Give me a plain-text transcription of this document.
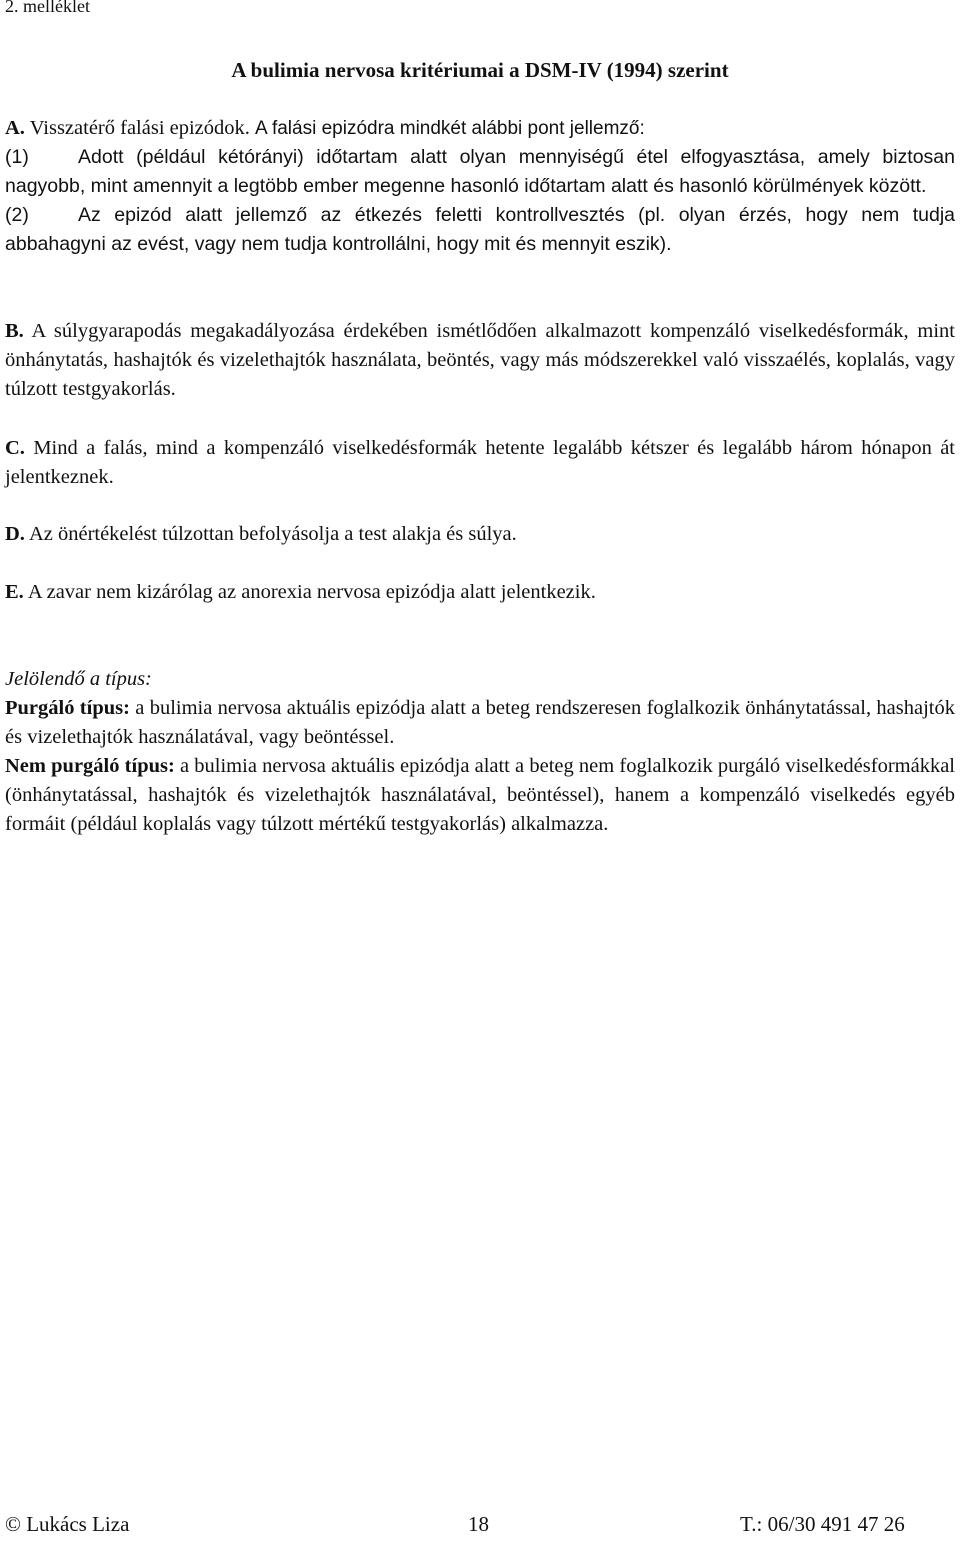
2. melléklet
A bulimia nervosa kritériumai a DSM-IV (1994) szerint
A. Visszatérő falási epizódok. A falási epizódra mindkét alábbi pont jellemző:
(1)	Adott (például kétórányi) időtartam alatt olyan mennyiségű étel elfogyasztása, amely biztosan nagyobb, mint amennyit a legtöbb ember megenne hasonló időtartam alatt és hasonló körülmények között.
(2)	Az epizód alatt jellemző az étkezés feletti kontrollvesztés (pl. olyan érzés, hogy nem tudja abbahagyni az evést, vagy nem tudja kontrollálni, hogy mit és mennyit eszik).
B. A súlygyarapodás megakadályozása érdekében ismétlődően alkalmazott kompenzáló viselkedésformák, mint önhánytatás, hashajtók és vizelethajtók használata, beöntés, vagy más módszerekkel való visszaélés, koplalás, vagy túlzott testgyakorlás.
C. Mind a falás, mind a kompenzáló viselkedésformák hetente legalább kétszer és legalább három hónapon át jelentkeznek.
D. Az önértékelést túlzottan befolyásolja a test alakja és súlya.
E. A zavar nem kizárólag az anorexia nervosa epizódja alatt jelentkezik.
Jelölendő a típus:
Purgáló típus: a bulimia nervosa aktuális epizódja alatt a beteg rendszeresen foglalkozik önhánytatással, hashajtók és vizelethajtók használatával, vagy beöntéssel.
Nem purgáló típus: a bulimia nervosa aktuális epizódja alatt a beteg nem foglalkozik purgáló viselkedésformákkal (önhánytatással, hashajtók és vizelethajtók használatával, beöntéssel), hanem a kompenzáló viselkedés egyéb formáit (például koplalás vagy túlzott mértékű testgyakorlás) alkalmazza.
© Lukács Liza	18	T.: 06/30 491 47 26
